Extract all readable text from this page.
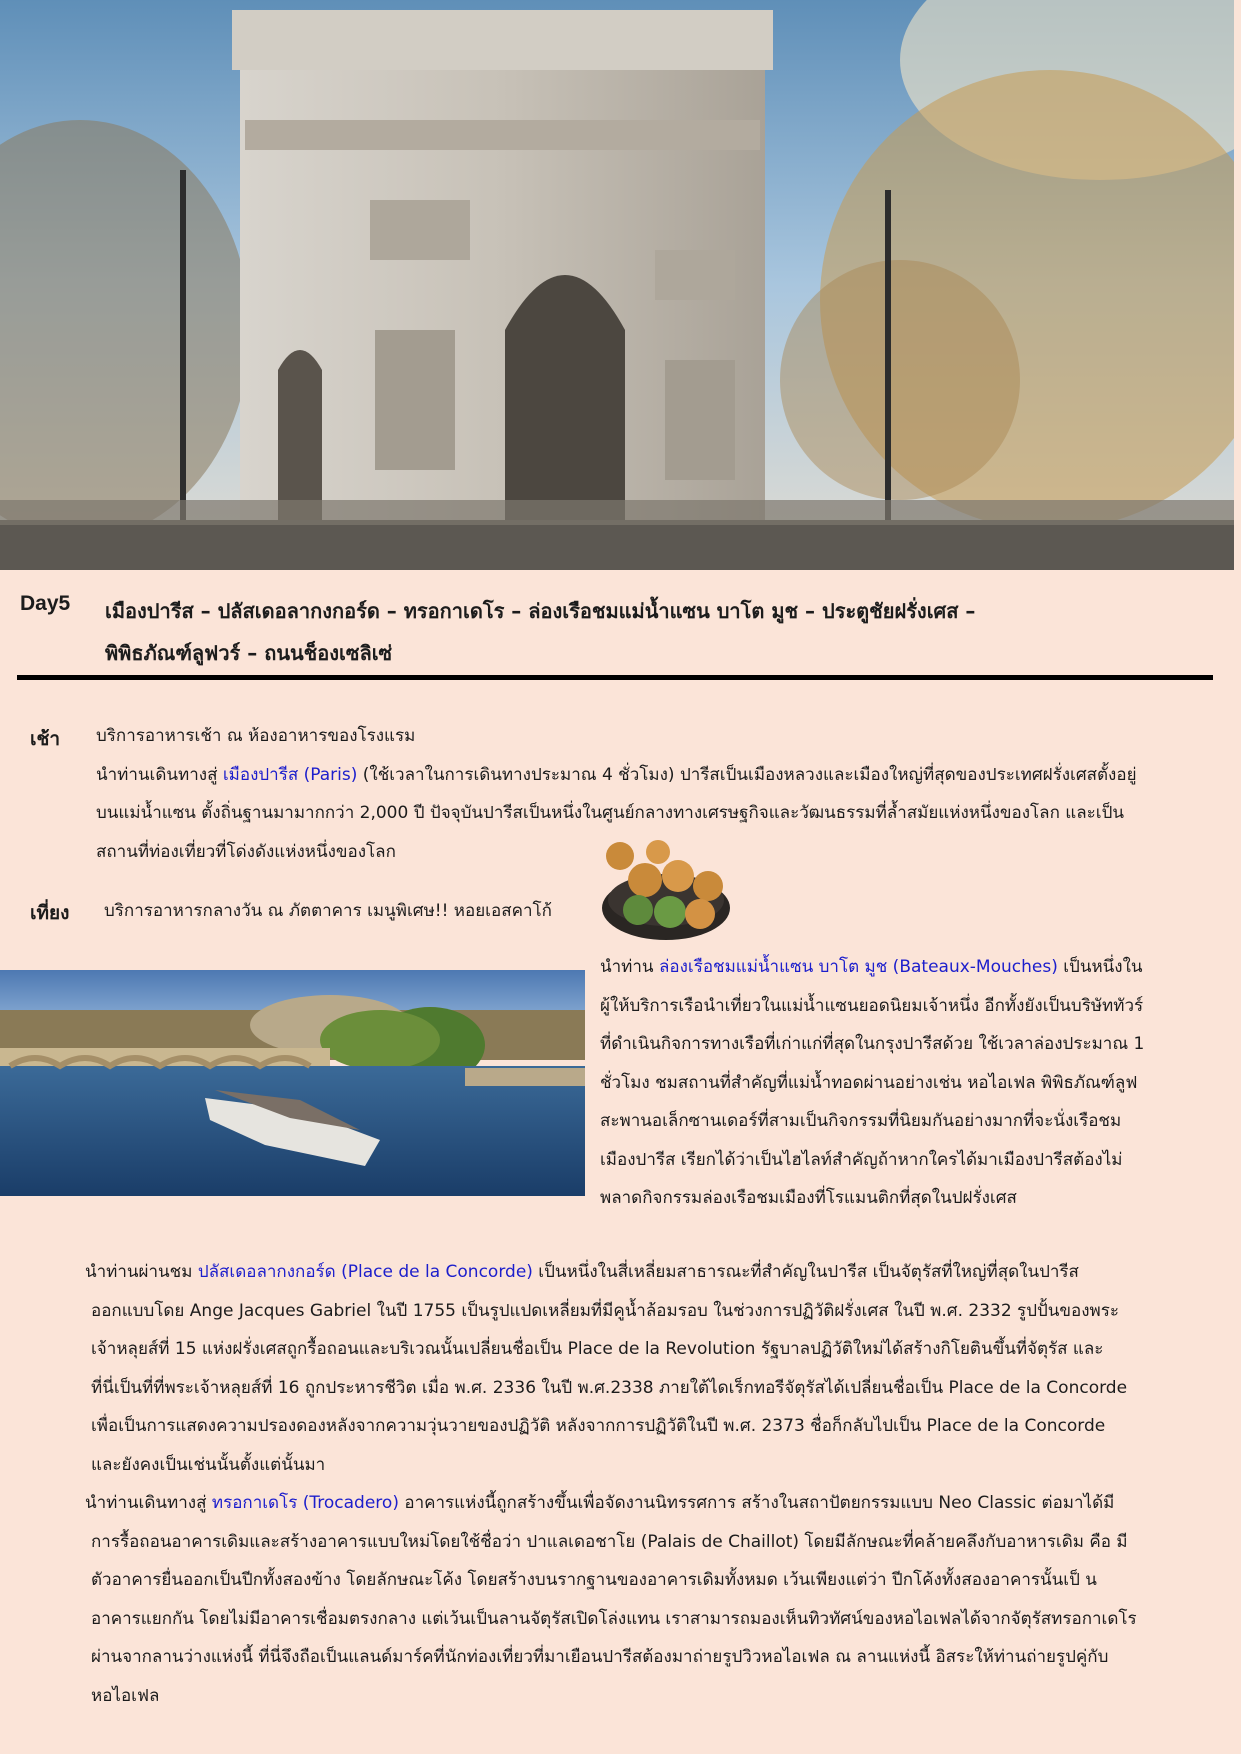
Day5 เมืองปารีส – ปลัสเดอลากงกอร์ด – ทรอกาเดโร – ล่องเรือชมแม่น้ำแซน บาโต มูช – ประตูชัยฝรั่งเศส –
พิพิธภัณฑ์ลูฟวร์ – ถนนช็องเซลิเซ่
เช้า บริการอาหารเช้า ณ ห้องอาหารของโรงแรม
นำท่านเดินทางสู่ เมืองปารีส (Paris) (ใช้เวลาในการเดินทางประมาณ 4 ชั่วโมง) ปารีสเป็นเมืองหลวงและเมืองใหญ่ที่สุดของประเทศฝรั่งเศสตั้งอยู่
บนแม่น้ำแซน ตั้งถิ่นฐานมามากกว่า 2,000 ปี ปัจจุบันปารีสเป็นหนึ่งในศูนย์กลางทางเศรษฐกิจและวัฒนธรรมที่ล้ำสมัยแห่งหนึ่งของโลก และเป็น
สถานที่ท่องเที่ยวที่โด่งดังแห่งหนึ่งของโลก
เที่ยง บริการอาหารกลางวัน ณ ภัตตาคาร เมนูพิเศษ!! หอยเอสคาโก้
นำท่าน ล่องเรือชมแม่น้ำแซน บาโต มูช (Bateaux-Mouches) เป็นหนึ่งใน
ผู้ให้บริการเรือนำเที่ยวในแม่น้ำแซนยอดนิยมเจ้าหนึ่ง อีกทั้งยังเป็นบริษัททัวร์
ที่ดำเนินกิจการทางเรือที่เก่าแก่ที่สุดในกรุงปารีสด้วย ใช้เวลาล่องประมาณ 1
ชั่วโมง ชมสถานที่สำคัญที่แม่น้ำทอดผ่านอย่างเช่น หอไอเฟล พิพิธภัณฑ์ลูฟ
สะพานอเล็กซานเดอร์ที่สามเป็นกิจกรรมที่นิยมกันอย่างมากที่จะนั่งเรือชม
เมืองปารีส เรียกได้ว่าเป็นไฮไลท์สำคัญถ้าหากใครได้มาเมืองปารีสต้องไม่
พลาดกิจกรรมล่องเรือชมเมืองที่โรแมนติกที่สุดในปฝรั่งเศส
นำท่านผ่านชม ปลัสเดอลากงกอร์ด (Place de la Concorde) เป็นหนึ่งในสี่เหลี่ยมสาธารณะที่สำคัญในปารีส เป็นจัตุรัสที่ใหญ่ที่สุดในปารีส
ออกแบบโดย Ange Jacques Gabriel ในปี 1755 เป็นรูปแปดเหลี่ยมที่มีคูน้ำล้อมรอบ ในช่วงการปฏิวัติฝรั่งเศส ในปี พ.ศ. 2332 รูปปั้นของพระ
เจ้าหลุยส์ที่ 15 แห่งฝรั่งเศสถูกรื้อถอนและบริเวณนั้นเปลี่ยนชื่อเป็น Place de la Revolution รัฐบาลปฏิวัติใหม่ได้สร้างกิโยตินขึ้นที่จัตุรัส และ
ที่นี่เป็นที่ที่พระเจ้าหลุยส์ที่ 16 ถูกประหารชีวิต เมื่อ พ.ศ. 2336 ในปี พ.ศ.2338 ภายใต้ไดเร็กทอรีจัตุรัสได้เปลี่ยนชื่อเป็น Place de la Concorde
เพื่อเป็นการแสดงความปรองดองหลังจากความวุ่นวายของปฏิวัติ หลังจากการปฏิวัติในปี พ.ศ. 2373 ชื่อก็กลับไปเป็น Place de la Concorde
และยังคงเป็นเช่นนั้นตั้งแต่นั้นมา
นำท่านเดินทางสู่ ทรอกาเดโร (Trocadero) อาคารแห่งนี้ถูกสร้างขึ้นเพื่อจัดงานนิทรรศการ สร้างในสถาปัตยกรรมแบบ Neo Classic ต่อมาได้มี
การรื้อถอนอาคารเดิมและสร้างอาคารแบบใหม่โดยใช้ชื่อว่า ปาแลเดอชาโย (Palais de Chaillot) โดยมีลักษณะที่คล้ายคลึงกับอาหารเดิม คือ มี
ตัวอาคารยื่นออกเป็นปีกทั้งสองข้าง โดยลักษณะโค้ง โดยสร้างบนรากฐานของอาคารเดิมทั้งหมด เว้นเพียงแต่ว่า ปีกโค้งทั้งสองอาคารนั้นเป็ น
อาคารแยกกัน โดยไม่มีอาคารเชื่อมตรงกลาง แต่เว้นเป็นลานจัตุรัสเปิดโล่งแทน เราสามารถมองเห็นทิวทัศน์ของหอไอเฟลได้จากจัตุรัสทรอกาเดโร
ผ่านจากลานว่างแห่งนี้ ที่นี่จึงถือเป็นแลนด์มาร์คที่นักท่องเที่ยวที่มาเยือนปารีสต้องมาถ่ายรูปวิวหอไอเฟล ณ ลานแห่งนี้ อิสระให้ท่านถ่ายรูปคู่กับ
หอไอเฟล
